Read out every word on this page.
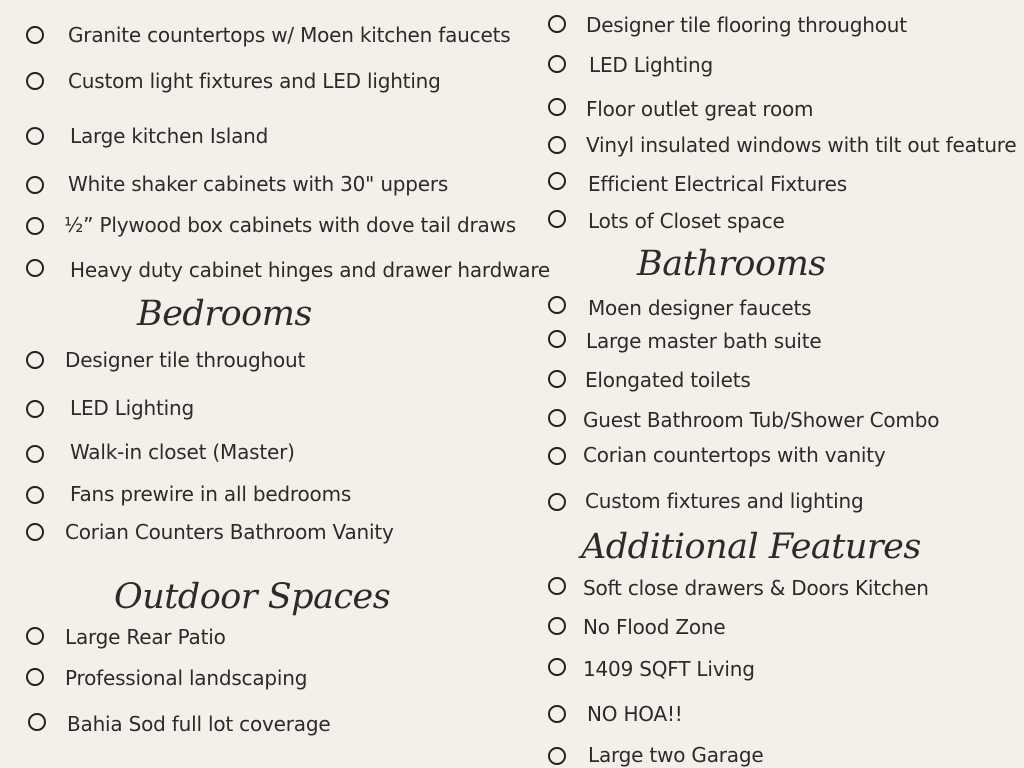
Granite countertops w/ Moen kitchen faucets
Custom light fixtures and LED lighting
Large kitchen Island
White shaker cabinets with 30" uppers
½” Plywood box cabinets with dove tail draws
Heavy duty cabinet hinges and drawer hardware
Bedrooms
Designer tile throughout
LED Lighting
Walk-in closet (Master)
Fans prewire in all bedrooms
Corian Counters Bathroom Vanity
Outdoor Spaces
Large Rear Patio
Professional landscaping
Bahia Sod full lot coverage
Designer tile flooring throughout
LED Lighting
Floor outlet great room
Vinyl insulated windows with tilt out feature
Efficient Electrical Fixtures
Lots of Closet space
Bathrooms
Moen designer faucets
Large master bath suite
Elongated toilets
Guest Bathroom Tub/Shower Combo
Corian countertops with vanity
Custom fixtures and lighting
Additional Features
Soft close drawers & Doors Kitchen
No Flood Zone
1409 SQFT Living
NO HOA!!
Large two Garage
